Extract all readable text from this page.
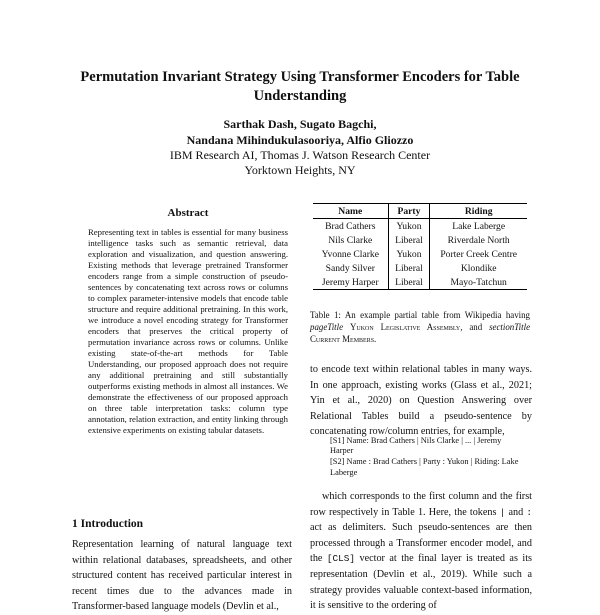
Permutation Invariant Strategy Using Transformer Encoders for Table Understanding
Sarthak Dash, Sugato Bagchi,
Nandana Mihindukulasooriya, Alfio Gliozzo
IBM Research AI, Thomas J. Watson Research Center
Yorktown Heights, NY
Abstract

Representing text in tables is essential for many business intelligence tasks such as semantic retrieval, data exploration and visualization, and question answering. Existing methods that leverage pretrained Transformer encoders range from a simple construction of pseudo-sentences by concatenating text across rows or columns to complex parameter-intensive models that encode table structure and require additional pretraining. In this work, we introduce a novel encoding strategy for Transformer encoders that preserves the critical property of permutation invariance across rows or columns. Unlike existing state-of-the-art methods for Table Understanding, our proposed approach does not require any additional pretraining and still substantially outperforms existing methods in almost all instances. We demonstrate the effectiveness of our proposed approach on three table interpretation tasks: column type annotation, relation extraction, and entity linking through extensive experiments on existing tabular datasets.

1 Introduction

Representation learning of natural language text within relational databases, spreadsheets, and other structured content has received particular interest in recent times due to the advances made in Transformer-based language models (Devlin et al.,

Name	Party	Riding
Brad Cathers	Yukon	Lake Laberge
Nils Clarke	Liberal	Riverdale North
Yvonne Clarke	Yukon	Porter Creek Centre
Sandy Silver	Liberal	Klondike
Jeremy Harper	Liberal	Mayo-Tatchun
Table 1: An example partial table from Wikipedia having pageTitle Yukon Legislative Assembly, and sectionTitle Current Members.

to encode text within relational tables in many ways. In one approach, existing works (Glass et al., 2021; Yin et al., 2020) on Question Answering over Relational Tables build a pseudo-sentence by concatenating row/column entries, for example,

[S1] Name: Brad Cathers | Nils Clarke | ... | Jeremy Harper
[S2] Name : Brad Cathers | Party : Yukon | Riding: Lake Laberge

which corresponds to the first column and the first row respectively in Table 1. Here, the tokens | and : act as delimiters. Such pseudo-sentences are then processed through a Transformer encoder model, and the [CLS] vector at the final layer is treated as its representation (Devlin et al., 2019). While such a strategy provides valuable context-based information, it is sensitive to the ordering of
